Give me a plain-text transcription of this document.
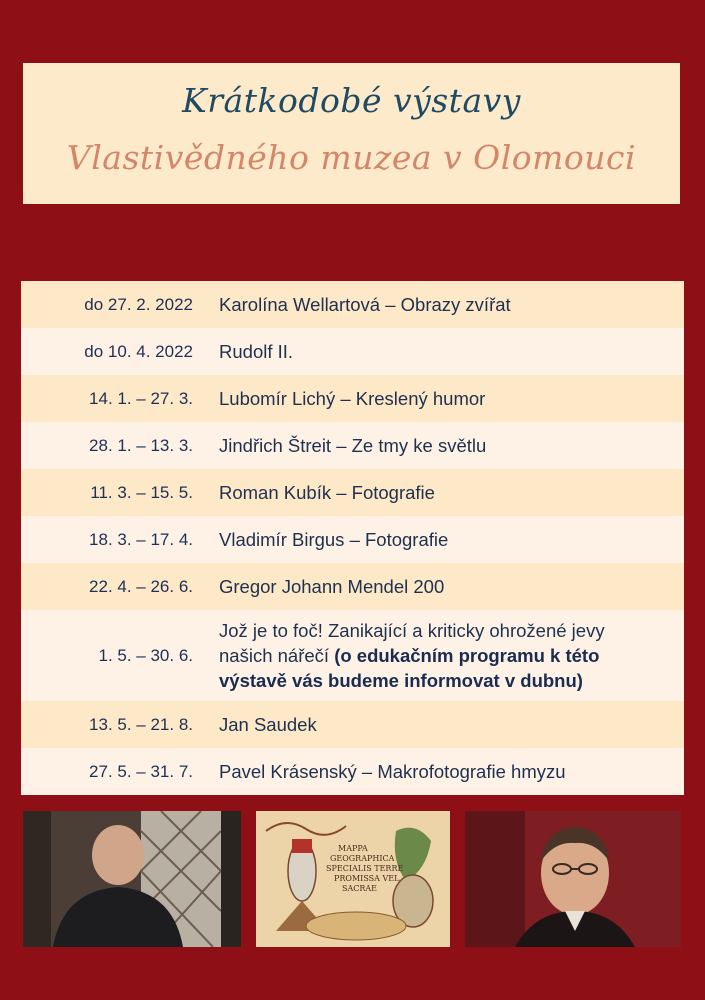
Krátkodobé výstavy
Vlastivědného muzea v Olomouci
do 27. 2. 2022 Karolína Wellartová – Obrazy zvířat
do 10. 4. 2022 Rudolf II.
14. 1. – 27. 3. Lubomír Lichý – Kreslený humor
28. 1. – 13. 3. Jindřich Štreit – Ze tmy ke světlu
11. 3. – 15. 5. Roman Kubík – Fotografie
18. 3. – 17. 4. Vladimír Birgus – Fotografie
22. 4. – 26. 6. Gregor Johann Mendel 200
1. 5. – 30. 6.
Jož je to foč! Zanikající a kriticky ohrožené jevy našich nářečí (o edukačním programu k této výstavě vás budeme informovat v dubnu)
13. 5. – 21. 8. Jan Saudek
27. 5. – 31. 7. Pavel Krásenský – Makrofotografie hmyzu
MAPPA
GEOGRAPHICA
SPECIALIS TERRE
PROMISSA VEL
SACRAE
